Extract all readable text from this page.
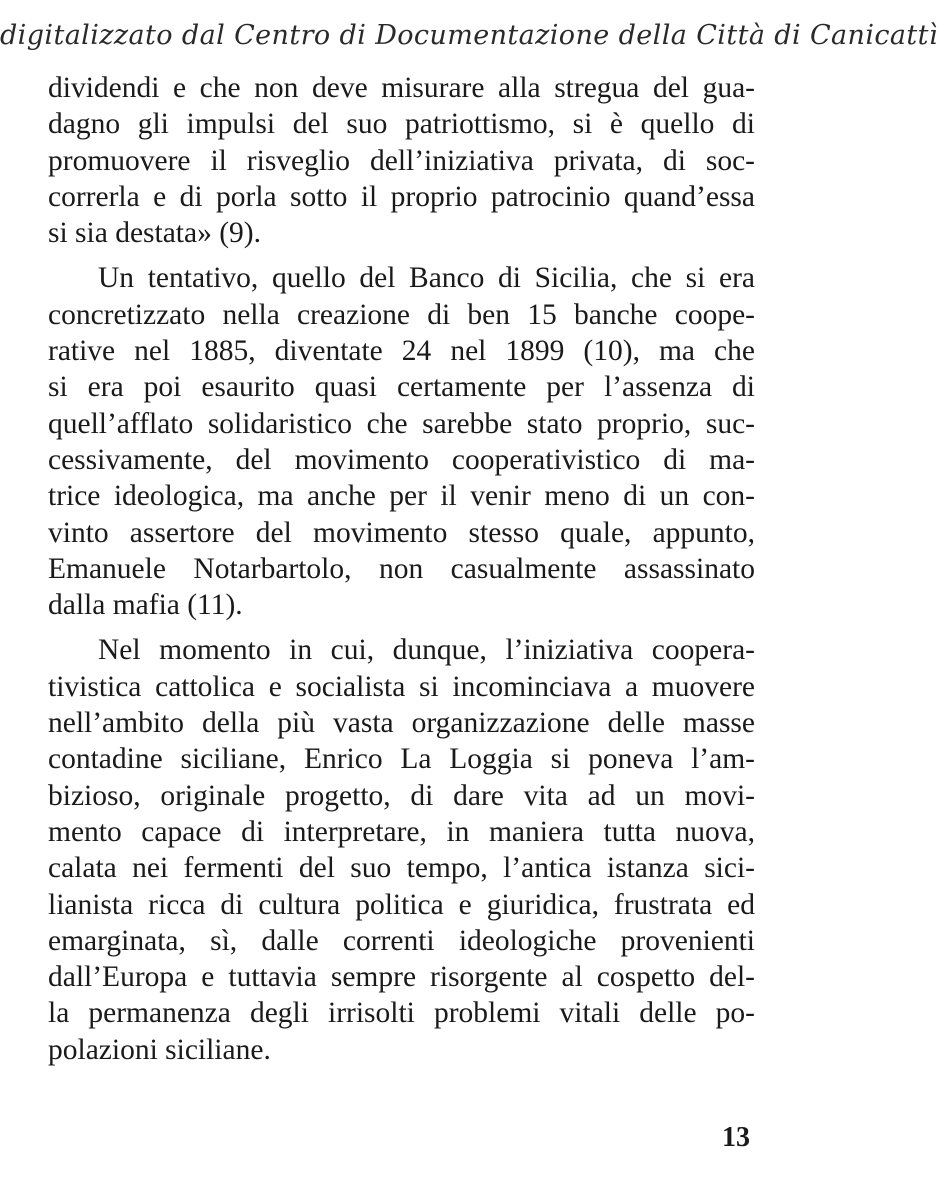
digitalizzato dal Centro di Documentazione della Città di Canicattì
dividendi e che non deve misurare alla stregua del gua-
dagno gli impulsi del suo patriottismo, si è quello di
promuovere il risveglio dell’iniziativa privata, di soc-
correrla e di porla sotto il proprio patrocinio quand’essa
si sia destata» (9).
Un tentativo, quello del Banco di Sicilia, che si era
concretizzato nella creazione di ben 15 banche coope-
rative nel 1885, diventate 24 nel 1899 (10), ma che
si era poi esaurito quasi certamente per l’assenza di
quell’afflato solidaristico che sarebbe stato proprio, suc-
cessivamente, del movimento cooperativistico di ma-
trice ideologica, ma anche per il venir meno di un con-
vinto assertore del movimento stesso quale, appunto,
Emanuele Notarbartolo, non casualmente assassinato
dalla mafia (11).
Nel momento in cui, dunque, l’iniziativa coopera-
tivistica cattolica e socialista si incominciava a muovere
nell’ambito della più vasta organizzazione delle masse
contadine siciliane, Enrico La Loggia si poneva l’am-
bizioso, originale progetto, di dare vita ad un movi-
mento capace di interpretare, in maniera tutta nuova,
calata nei fermenti del suo tempo, l’antica istanza sici-
lianista ricca di cultura politica e giuridica, frustrata ed
emarginata, sì, dalle correnti ideologiche provenienti
dall’Europa e tuttavia sempre risorgente al cospetto del-
la permanenza degli irrisolti problemi vitali delle po-
polazioni siciliane.
13
